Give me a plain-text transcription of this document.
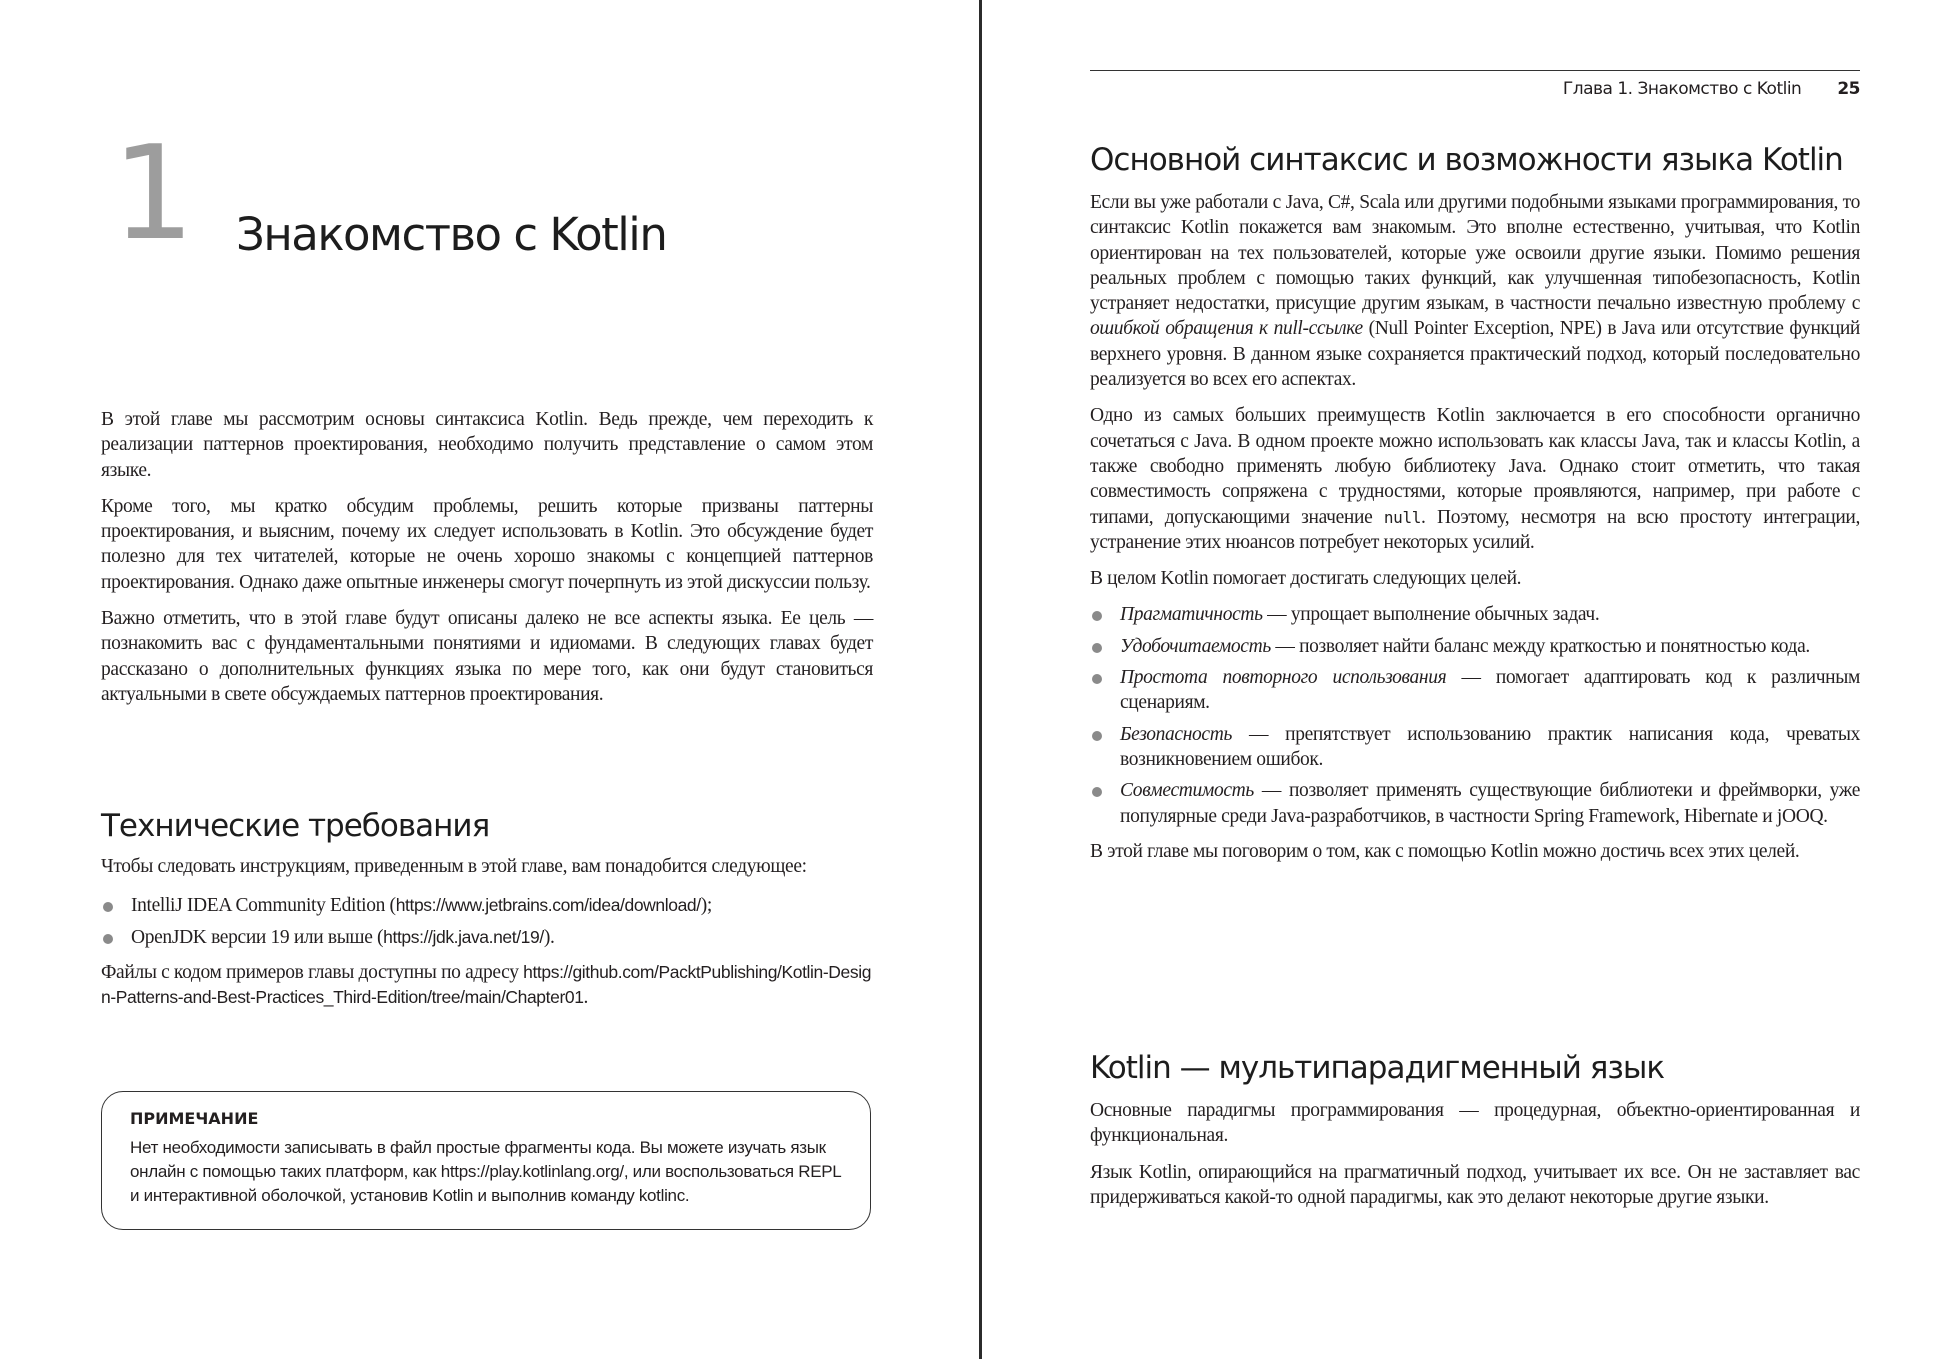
1 Знакомство с Kotlin

В этой главе мы рассмотрим основы синтаксиса Kotlin. Ведь прежде, чем переходить к реализации паттернов проектирования, необходимо получить представление о самом этом языке.

Кроме того, мы кратко обсудим проблемы, решить которые призваны паттерны проектирования, и выясним, почему их следует использовать в Kotlin. Это обсуждение будет полезно для тех читателей, которые не очень хорошо знакомы с концепцией паттернов проектирования. Однако даже опытные инженеры смогут почерпнуть из этой дискуссии пользу.

Важно отметить, что в этой главе будут описаны далеко не все аспекты языка. Ее цель — познакомить вас с фундаментальными понятиями и идиомами. В следующих главах будет рассказано о дополнительных функциях языка по мере того, как они будут становиться актуальными в свете обсуждаемых паттернов проектирования.

Технические требования

Чтобы следовать инструкциям, приведенным в этой главе, вам понадобится следующее:

IntelliJ IDEA Community Edition (https://www.jetbrains.com/idea/download/);
OpenJDK версии 19 или выше (https://jdk.java.net/19/).

Файлы с кодом примеров главы доступны по адресу https://github.com/PacktPublishing/Kotlin-Design-Patterns-and-Best-Practices_Third-Edition/tree/main/Chapter01.

ПРИМЕЧАНИЕ
Нет необходимости записывать в файл простые фрагменты кода. Вы можете изучать язык онлайн с помощью таких платформ, как https://play.kotlinlang.org/, или воспользоваться REPL и интерактивной оболочкой, установив Kotlin и выполнив команду kotlinc.
Глава 1. Знакомство с Kotlin 25
Основной синтаксис и возможности языка Kotlin

Если вы уже работали с Java, C#, Scala или другими подобными языками программирования, то синтаксис Kotlin покажется вам знакомым. Это вполне естественно, учитывая, что Kotlin ориентирован на тех пользователей, которые уже освоили другие языки. Помимо решения реальных проблем с помощью таких функций, как улучшенная типобезопасность, Kotlin устраняет недостатки, присущие другим языкам, в частности печально известную проблему с ошибкой обращения к null-ссылке (Null Pointer Exception, NPE) в Java или отсутствие функций верхнего уровня. В данном языке сохраняется практический подход, который последовательно реализуется во всех его аспектах.

Одно из самых больших преимуществ Kotlin заключается в его способности органично сочетаться с Java. В одном проекте можно использовать как классы Java, так и классы Kotlin, а также свободно применять любую библиотеку Java. Однако стоит отметить, что такая совместимость сопряжена с трудностями, которые проявляются, например, при работе с типами, допускающими значение null. Поэтому, несмотря на всю простоту интеграции, устранение этих нюансов потребует некоторых усилий.

В целом Kotlin помогает достигать следующих целей.

Прагматичность — упрощает выполнение обычных задач.
Удобочитаемость — позволяет найти баланс между краткостью и понятностью кода.
Простота повторного использования — помогает адаптировать код к различным сценариям.
Безопасность — препятствует использованию практик написания кода, чреватых возникновением ошибок.
Совместимость — позволяет применять существующие библиотеки и фреймворки, уже популярные среди Java-разработчиков, в частности Spring Framework, Hibernate и jOOQ.

В этой главе мы поговорим о том, как с помощью Kotlin можно достичь всех этих целей.

Kotlin — мультипарадигменный язык

Основные парадигмы программирования — процедурная, объектно-ориентированная и функциональная.

Язык Kotlin, опирающийся на прагматичный подход, учитывает их все. Он не заставляет вас придерживаться какой-то одной парадигмы, как это делают некоторые другие языки.
